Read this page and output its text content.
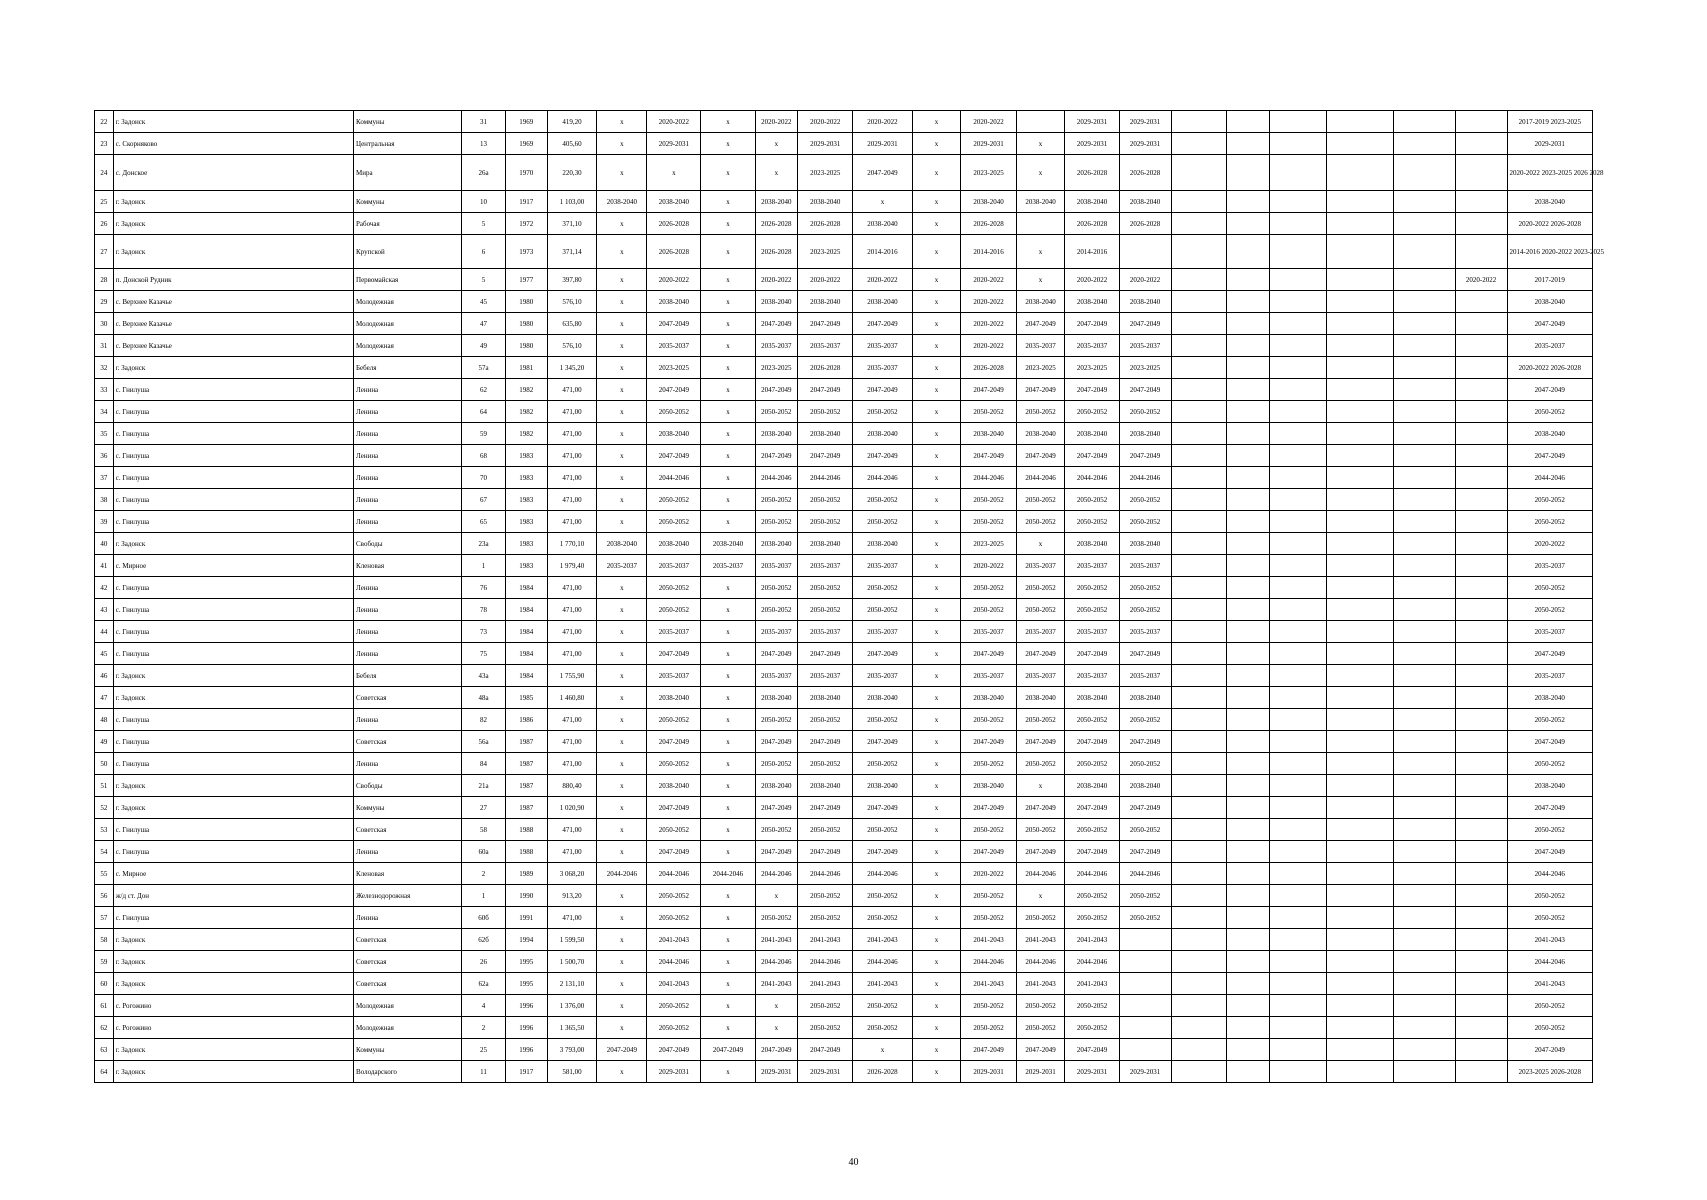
22	г. Задонск	Коммуны	31	1969	419,20	х	2020-2022	х	2020-2022	2020-2022	2020-2022	х	2020-2022		2029-2031	2029-2031							2017-2019 2023-2025
23	с. Скорняково	Центральная	13	1969	405,60	х	2029-2031	х	х	2029-2031	2029-2031	х	2029-2031	х	2029-2031	2029-2031							2029-2031
24	с. Донское	Мира	26а	1970	220,30	х	х	х	х	2023-2025	2047-2049	х	2023-2025	х	2026-2028	2026-2028							2020-2022 2023-2025 2026 2028
25	г. Задонск	Коммуны	10	1917	1 103,00	2038-2040	2038-2040	х	2038-2040	2038-2040	х	х	2038-2040	2038-2040	2038-2040	2038-2040							2038-2040
26	г. Задонск	Рабочая	5	1972	371,10	х	2026-2028	х	2026-2028	2026-2028	2038-2040	х	2026-2028		2026-2028	2026-2028							2020-2022 2026-2028
27	г. Задонск	Крупской	6	1973	371,14	х	2026-2028	х	2026-2028	2023-2025	2014-2016	х	2014-2016	х	2014-2016								2014-2016 2020-2022 2023-2025
28	п. Донской Рудник	Первомайская	5	1977	397,80	х	2020-2022	х	2020-2022	2020-2022	2020-2022	х	2020-2022	х	2020-2022	2020-2022						2020-2022	2017-2019
29	с. Верхнее Казачье	Молодежная	45	1980	576,10	х	2038-2040	х	2038-2040	2038-2040	2038-2040	х	2020-2022	2038-2040	2038-2040	2038-2040							2038-2040
30	с. Верхнее Казачье	Молодежная	47	1980	635,80	х	2047-2049	х	2047-2049	2047-2049	2047-2049	х	2020-2022	2047-2049	2047-2049	2047-2049							2047-2049
31	с. Верхнее Казачье	Молодежная	49	1980	576,10	х	2035-2037	х	2035-2037	2035-2037	2035-2037	х	2020-2022	2035-2037	2035-2037	2035-2037							2035-2037
32	г. Задонск	Бебеля	57а	1981	1 345,20	х	2023-2025	х	2023-2025	2026-2028	2035-2037	х	2026-2028	2023-2025	2023-2025	2023-2025							2020-2022 2026-2028
33	с. Гнилуша	Ленина	62	1982	471,00	х	2047-2049	х	2047-2049	2047-2049	2047-2049	х	2047-2049	2047-2049	2047-2049	2047-2049							2047-2049
34	с. Гнилуша	Ленина	64	1982	471,00	х	2050-2052	х	2050-2052	2050-2052	2050-2052	х	2050-2052	2050-2052	2050-2052	2050-2052							2050-2052
35	с. Гнилуша	Ленина	59	1982	471,00	х	2038-2040	х	2038-2040	2038-2040	2038-2040	х	2038-2040	2038-2040	2038-2040	2038-2040							2038-2040
36	с. Гнилуша	Ленина	68	1983	471,00	х	2047-2049	х	2047-2049	2047-2049	2047-2049	х	2047-2049	2047-2049	2047-2049	2047-2049							2047-2049
37	с. Гнилуша	Ленина	70	1983	471,00	х	2044-2046	х	2044-2046	2044-2046	2044-2046	х	2044-2046	2044-2046	2044-2046	2044-2046							2044-2046
38	с. Гнилуша	Ленина	67	1983	471,00	х	2050-2052	х	2050-2052	2050-2052	2050-2052	х	2050-2052	2050-2052	2050-2052	2050-2052							2050-2052
39	с. Гнилуша	Ленина	65	1983	471,00	х	2050-2052	х	2050-2052	2050-2052	2050-2052	х	2050-2052	2050-2052	2050-2052	2050-2052							2050-2052
40	г. Задонск	Свободы	23а	1983	1 770,10	2038-2040	2038-2040	2038-2040	2038-2040	2038-2040	2038-2040	х	2023-2025	х	2038-2040	2038-2040							2020-2022
41	с. Мирное	Кленовая	1	1983	1 979,40	2035-2037	2035-2037	2035-2037	2035-2037	2035-2037	2035-2037	х	2020-2022	2035-2037	2035-2037	2035-2037							2035-2037
42	с. Гнилуша	Ленина	76	1984	471,00	х	2050-2052	х	2050-2052	2050-2052	2050-2052	х	2050-2052	2050-2052	2050-2052	2050-2052							2050-2052
43	с. Гнилуша	Ленина	78	1984	471,00	х	2050-2052	х	2050-2052	2050-2052	2050-2052	х	2050-2052	2050-2052	2050-2052	2050-2052							2050-2052
44	с. Гнилуша	Ленина	73	1984	471,00	х	2035-2037	х	2035-2037	2035-2037	2035-2037	х	2035-2037	2035-2037	2035-2037	2035-2037							2035-2037
45	с. Гнилуша	Ленина	75	1984	471,00	х	2047-2049	х	2047-2049	2047-2049	2047-2049	х	2047-2049	2047-2049	2047-2049	2047-2049							2047-2049
46	г. Задонск	Бебеля	43а	1984	1 755,90	х	2035-2037	х	2035-2037	2035-2037	2035-2037	х	2035-2037	2035-2037	2035-2037	2035-2037							2035-2037
47	г. Задонск	Советская	48а	1985	1 460,80	х	2038-2040	х	2038-2040	2038-2040	2038-2040	х	2038-2040	2038-2040	2038-2040	2038-2040							2038-2040
48	с. Гнилуша	Ленина	82	1986	471,00	х	2050-2052	х	2050-2052	2050-2052	2050-2052	х	2050-2052	2050-2052	2050-2052	2050-2052							2050-2052
49	с. Гнилуша	Советская	56а	1987	471,00	х	2047-2049	х	2047-2049	2047-2049	2047-2049	х	2047-2049	2047-2049	2047-2049	2047-2049							2047-2049
50	с. Гнилуша	Ленина	84	1987	471,00	х	2050-2052	х	2050-2052	2050-2052	2050-2052	х	2050-2052	2050-2052	2050-2052	2050-2052							2050-2052
51	г. Задонск	Свободы	21а	1987	880,40	х	2038-2040	х	2038-2040	2038-2040	2038-2040	х	2038-2040	х	2038-2040	2038-2040							2038-2040
52	г. Задонск	Коммуны	27	1987	1 020,90	х	2047-2049	х	2047-2049	2047-2049	2047-2049	х	2047-2049	2047-2049	2047-2049	2047-2049							2047-2049
53	с. Гнилуша	Советская	58	1988	471,00	х	2050-2052	х	2050-2052	2050-2052	2050-2052	х	2050-2052	2050-2052	2050-2052	2050-2052							2050-2052
54	с. Гнилуша	Ленина	60а	1988	471,00	х	2047-2049	х	2047-2049	2047-2049	2047-2049	х	2047-2049	2047-2049	2047-2049	2047-2049							2047-2049
55	с. Мирное	Кленовая	2	1989	3 068,20	2044-2046	2044-2046	2044-2046	2044-2046	2044-2046	2044-2046	х	2020-2022	2044-2046	2044-2046	2044-2046							2044-2046
56	ж/д ст. Дон	Железнодорожная	1	1990	913,20	х	2050-2052	х	х	2050-2052	2050-2052	х	2050-2052	х	2050-2052	2050-2052							2050-2052
57	с. Гнилуша	Ленина	60б	1991	471,00	х	2050-2052	х	2050-2052	2050-2052	2050-2052	х	2050-2052	2050-2052	2050-2052	2050-2052							2050-2052
58	г. Задонск	Советская	62б	1994	1 599,50	х	2041-2043	х	2041-2043	2041-2043	2041-2043	х	2041-2043	2041-2043	2041-2043								2041-2043
59	г. Задонск	Советская	26	1995	1 500,70	х	2044-2046	х	2044-2046	2044-2046	2044-2046	х	2044-2046	2044-2046	2044-2046								2044-2046
60	г. Задонск	Советская	62а	1995	2 131,10	х	2041-2043	х	2041-2043	2041-2043	2041-2043	х	2041-2043	2041-2043	2041-2043								2041-2043
61	с. Рогожино	Молодежная	4	1996	1 376,00	х	2050-2052	х	х	2050-2052	2050-2052	х	2050-2052	2050-2052	2050-2052								2050-2052
62	с. Рогожино	Молодежная	2	1996	1 365,50	х	2050-2052	х	х	2050-2052	2050-2052	х	2050-2052	2050-2052	2050-2052								2050-2052
63	г. Задонск	Коммуны	25	1996	3 793,00	2047-2049	2047-2049	2047-2049	2047-2049	2047-2049	х	х	2047-2049	2047-2049	2047-2049								2047-2049
64	г. Задонск	Володарского	11	1917	581,00	х	2029-2031	х	2029-2031	2029-2031	2026-2028	х	2029-2031	2029-2031	2029-2031	2029-2031							2023-2025 2026-2028
40
